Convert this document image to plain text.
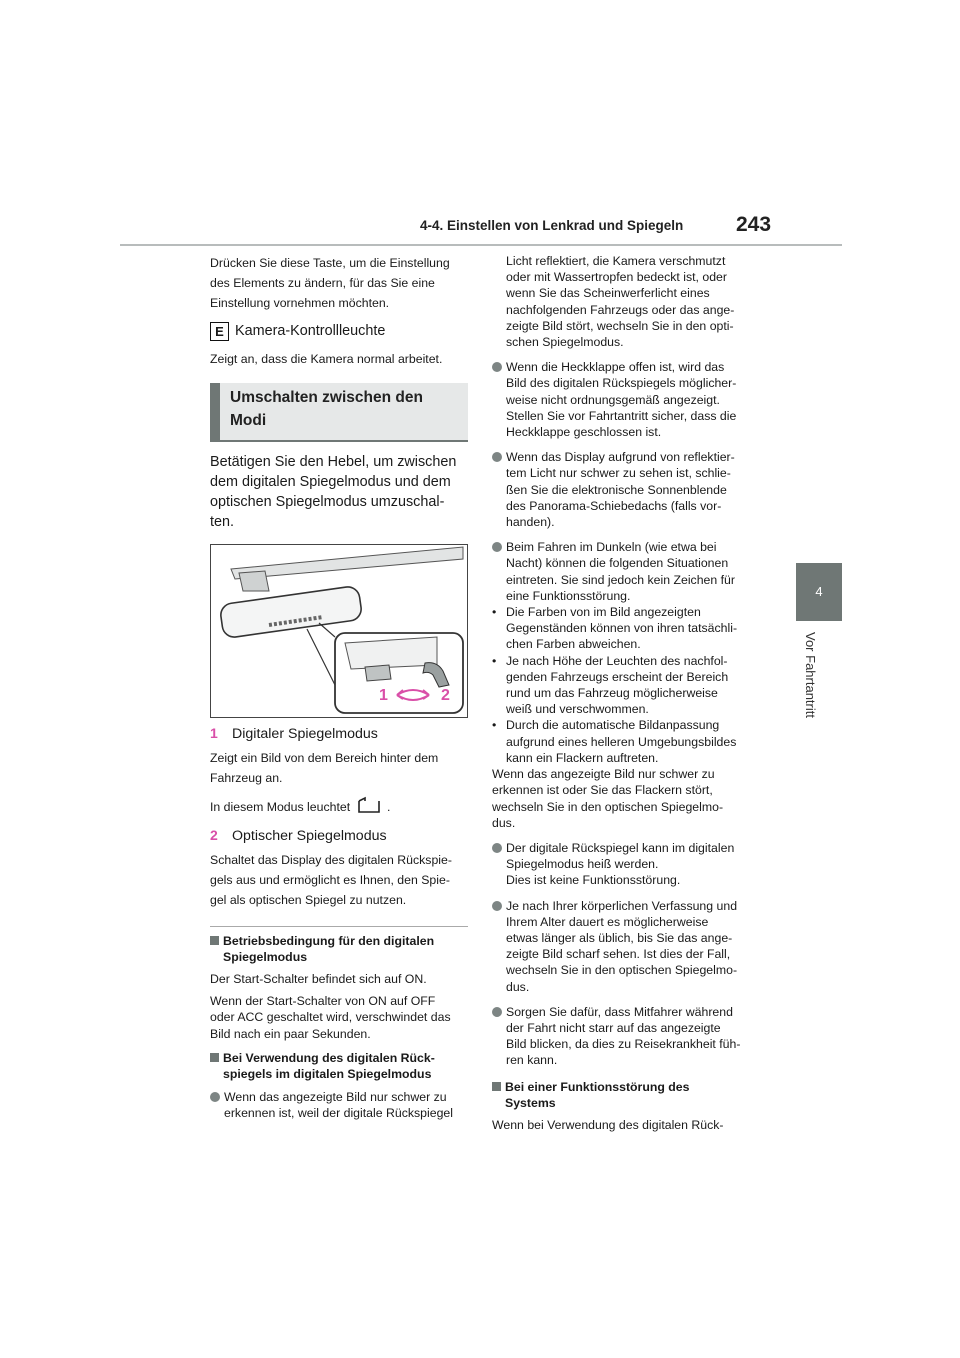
4-4. Einstellen von Lenkrad und Spiegeln	243
4
Vor Fahrtantritt

Drücken Sie diese Taste, um die Einstellung

des Elements zu ändern, für das Sie eine

Einstellung vornehmen möchten.

E Kamera-Kontrollleuchte

Zeigt an, dass die Kamera normal arbeitet.

Umschalten zwischen den
Modi

Betätigen Sie den Hebel, um zwischen

dem digitalen Spiegelmodus und dem

optischen Spiegelmodus umzuschal-

ten.

1	2
1	Digitaler Spiegelmodus

Zeigt ein Bild von dem Bereich hinter dem

Fahrzeug an.

In diesem Modus leuchtet	.

2	Optischer Spiegelmodus

Schaltet das Display des digitalen Rückspie-

gels aus und ermöglicht es Ihnen, den Spie-

gel als optischen Spiegel zu nutzen.

Betriebsbedingung für den digitalen
Spiegelmodus

Der Start-Schalter befindet sich auf ON.

Wenn der Start-Schalter von ON auf OFF

oder ACC geschaltet wird, verschwindet das

Bild nach ein paar Sekunden.

Bei Verwendung des digitalen Rück-
spiegels im digitalen Spiegelmodus
Wenn das angezeigte Bild nur schwer zu
erkennen ist, weil der digitale Rückspiegel

Licht reflektiert, die Kamera verschmutzt

oder mit Wassertropfen bedeckt ist, oder

wenn Sie das Scheinwerferlicht eines

nachfolgenden Fahrzeugs oder das ange-

zeigte Bild stört, wechseln Sie in den opti-

schen Spiegelmodus.

Wenn die Heckklappe offen ist, wird das
Bild des digitalen Rückspiegels möglicher-
weise nicht ordnungsgemäß angezeigt.
Stellen Sie vor Fahrtantritt sicher, dass die
Heckklappe geschlossen ist.
Wenn das Display aufgrund von reflektier-
tem Licht nur schwer zu sehen ist, schlie-
ßen Sie die elektronische Sonnenblende
des Panorama-Schiebedachs (falls vor-
handen).
Beim Fahren im Dunkeln (wie etwa bei
Nacht) können die folgenden Situationen
eintreten. Sie sind jedoch kein Zeichen für
eine Funktionsstörung.
• Die Farben von im Bild angezeigten
Gegenständen können von ihren tatsächli-
chen Farben abweichen.
• Je nach Höhe der Leuchten des nachfol-
genden Fahrzeugs erscheint der Bereich
rund um das Fahrzeug möglicherweise
weiß und verschwommen.
• Durch die automatische Bildanpassung
aufgrund eines helleren Umgebungsbildes
kann ein Flackern auftreten.

Wenn das angezeigte Bild nur schwer zu

erkennen ist oder Sie das Flackern stört,

wechseln Sie in den optischen Spiegelmo-

dus.

Der digitale Rückspiegel kann im digitalen
Spiegelmodus heiß werden.
Dies ist keine Funktionsstörung.
Je nach Ihrer körperlichen Verfassung und
Ihrem Alter dauert es möglicherweise
etwas länger als üblich, bis Sie das ange-
zeigte Bild scharf sehen. Ist dies der Fall,
wechseln Sie in den optischen Spiegelmo-
dus.
Sorgen Sie dafür, dass Mitfahrer während
der Fahrt nicht starr auf das angezeigte
Bild blicken, da dies zu Reisekrankheit füh-
ren kann.
Bei einer Funktionsstörung des
Systems

Wenn bei Verwendung des digitalen Rück-
